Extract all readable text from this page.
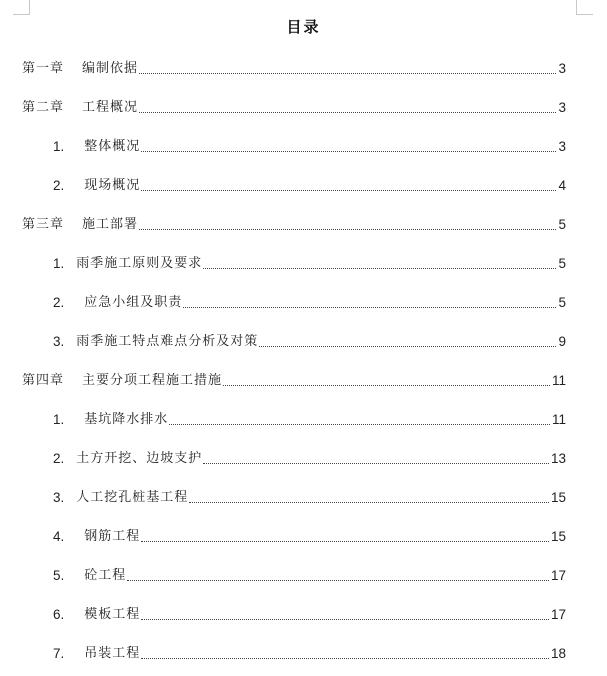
目录
第一章 编制依据	3
第二章 工程概况	3
1. 整体概况	3
2. 现场概况	4
第三章 施工部署	5
1. 雨季施工原则及要求	5
2. 应急小组及职责	5
3. 雨季施工特点难点分析及对策	9
第四章 主要分项工程施工措施	11
1. 基坑降水排水	11
2. 土方开挖、边坡支护	13
3. 人工挖孔桩基工程	15
4. 钢筋工程	15
5. 砼工程	17
6. 模板工程	17
7. 吊装工程	18
